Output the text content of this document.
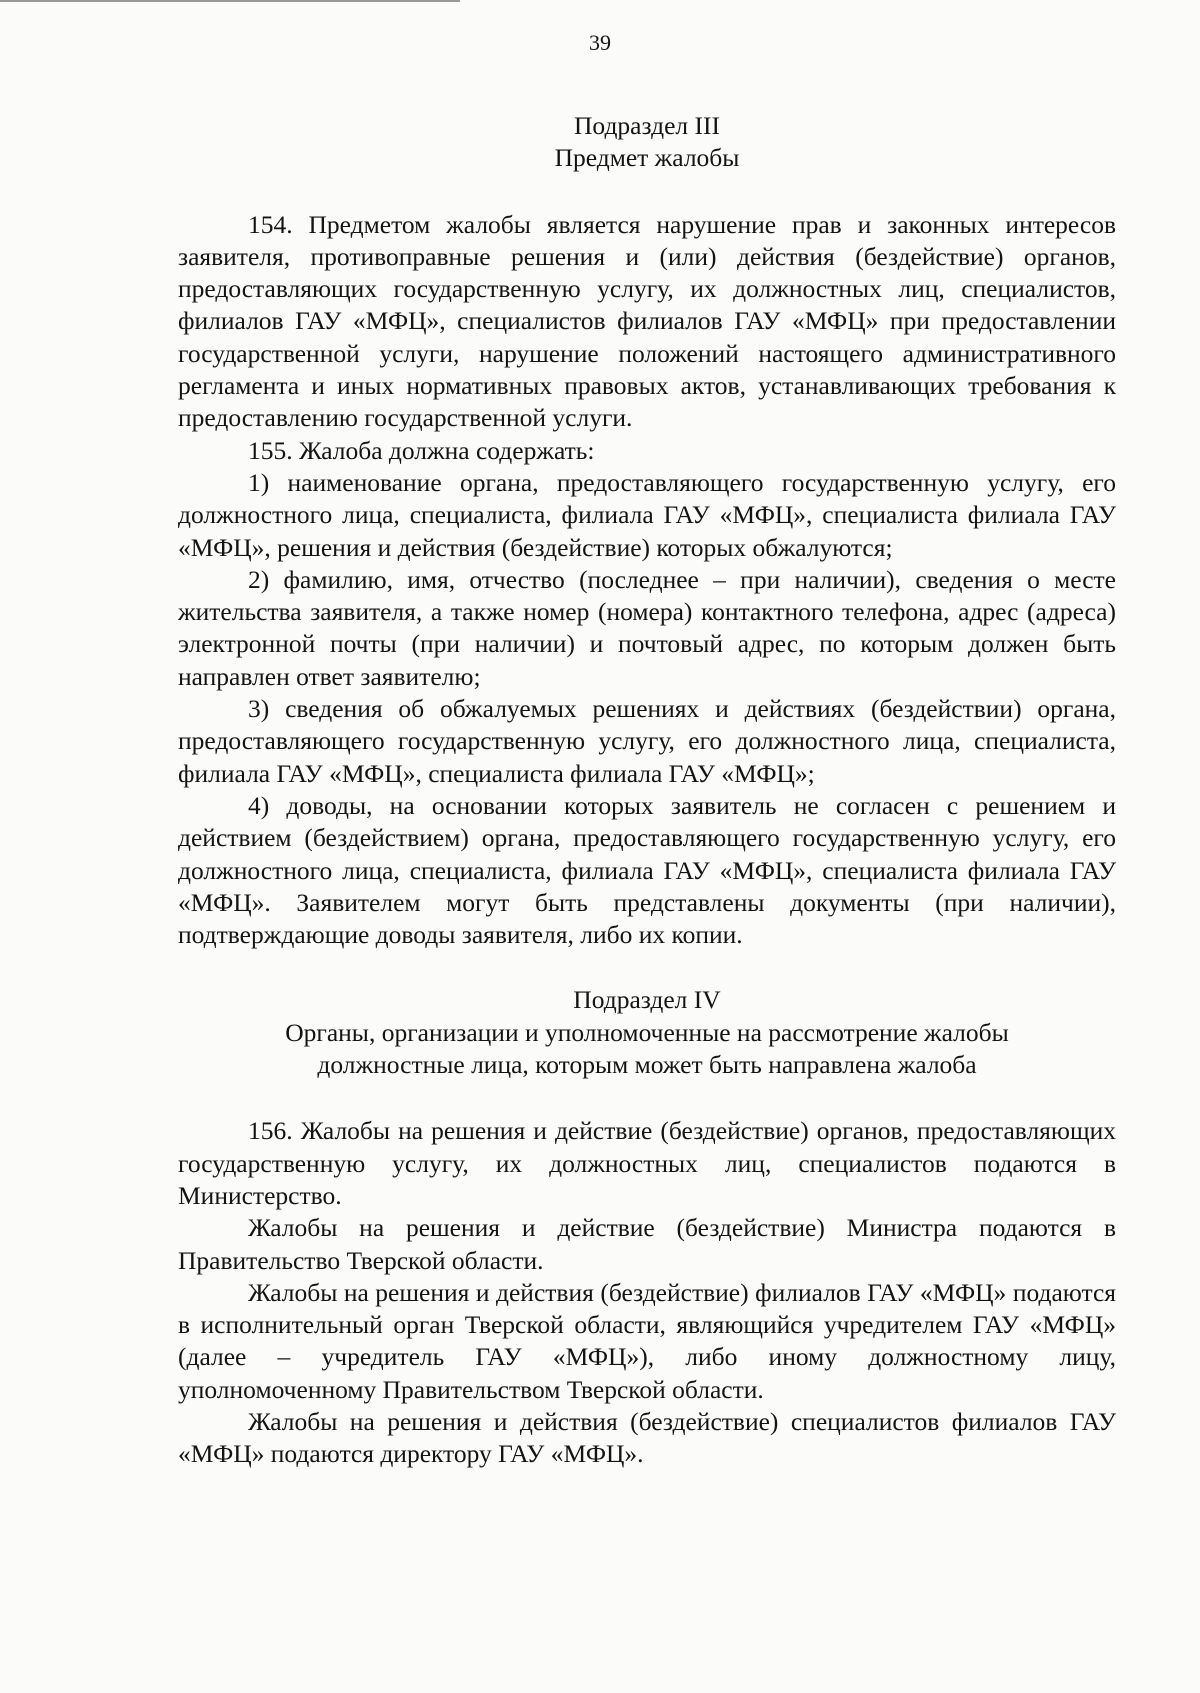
39
Подраздел III
Предмет жалобы

154. Предметом жалобы является нарушение прав и законных интересов заявителя, противоправные решения и (или) действия (бездействие) органов, предоставляющих государственную услугу, их должностных лиц, специалистов, филиалов ГАУ «МФЦ», специалистов филиалов ГАУ «МФЦ» при предоставлении государственной услуги, нарушение положений настоящего административного регламента и иных нормативных правовых актов, устанавливающих требования к предоставлению государственной услуги.

155. Жалоба должна содержать:

1) наименование органа, предоставляющего государственную услугу, его должностного лица, специалиста, филиала ГАУ «МФЦ», специалиста филиала ГАУ «МФЦ», решения и действия (бездействие) которых обжалуются;

2) фамилию, имя, отчество (последнее – при наличии), сведения о месте жительства заявителя, а также номер (номера) контактного телефона, адрес (адреса) электронной почты (при наличии) и почтовый адрес, по которым должен быть направлен ответ заявителю;

3) сведения об обжалуемых решениях и действиях (бездействии) органа, предоставляющего государственную услугу, его должностного лица, специалиста, филиала ГАУ «МФЦ», специалиста филиала ГАУ «МФЦ»;

4) доводы, на основании которых заявитель не согласен с решением и действием (бездействием) органа, предоставляющего государственную услугу, его должностного лица, специалиста, филиала ГАУ «МФЦ», специалиста филиала ГАУ «МФЦ». Заявителем могут быть представлены документы (при наличии), подтверждающие доводы заявителя, либо их копии.

Подраздел IV
Органы, организации и уполномоченные на рассмотрение жалобы
должностные лица, которым может быть направлена жалоба

156. Жалобы на решения и действие (бездействие) органов, предоставляющих государственную услугу, их должностных лиц, специалистов подаются в Министерство.

Жалобы на решения и действие (бездействие) Министра подаются в Правительство Тверской области.

Жалобы на решения и действия (бездействие) филиалов ГАУ «МФЦ» подаются в исполнительный орган Тверской области, являющийся учредителем ГАУ «МФЦ» (далее – учредитель ГАУ «МФЦ»), либо иному должностному лицу, уполномоченному Правительством Тверской области.

Жалобы на решения и действия (бездействие) специалистов филиалов ГАУ «МФЦ» подаются директору ГАУ «МФЦ».
